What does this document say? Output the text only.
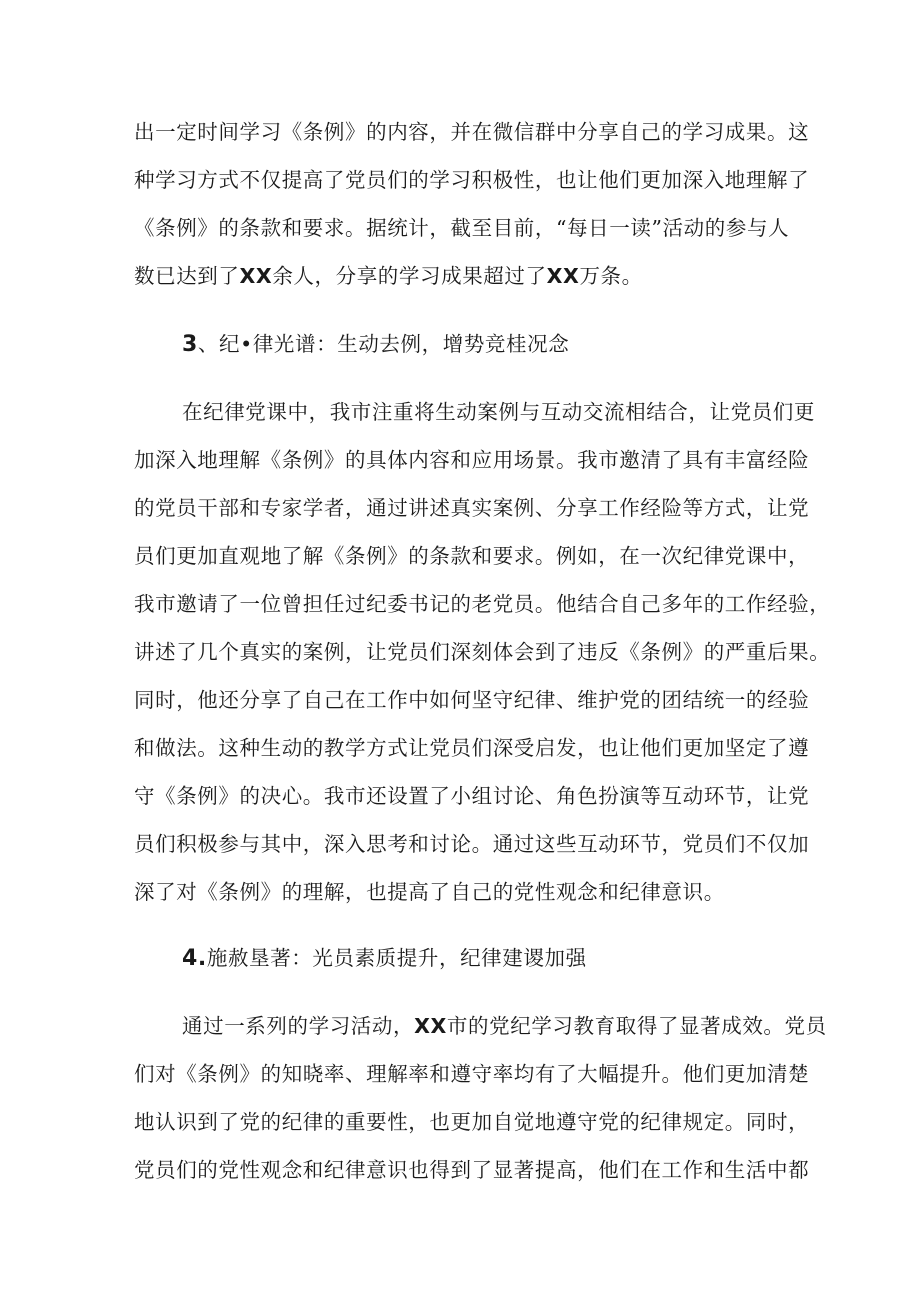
出一定时间学习《条例》的内容，并在微信群中分享自己的学习成果。这
种学习方式不仅提高了党员们的学习积极性，也让他们更加深入地理解了
《条例》的条款和要求。据统计，截至目前，“每日一读”活动的参与人
数已达到了XX余人，分享的学习成果超过了XX万条。
3、纪•律光谱：生动去例，增势竞桂况念
在纪律党课中，我市注重将生动案例与互动交流相结合，让党员们更
加深入地理解《条例》的具体内容和应用场景。我市邀清了具有丰富经险
的党员干部和专家学者，通过讲述真实案例、分享工作经险等方式，让党
员们更加直观地了解《条例》的条款和要求。例如，在一次纪律党课中，
我市邀请了一位曾担任过纪委书记的老党员。他结合自己多年的工作经验，
讲述了几个真实的案例，让党员们深刻体会到了违反《条例》的严重后果。
同时，他还分享了自己在工作中如何坚守纪律、维护党的团结统一的经验
和做法。这种生动的教学方式让党员们深受启发，也让他们更加坚定了遵
守《条例》的决心。我市还设置了小组讨论、角色扮演等互动环节，让党
员们积极参与其中，深入思考和讨论。通过这些互动环节，党员们不仅加
深了对《条例》的理解，也提高了自己的党性观念和纪律意识。
4.施赦垦著：光员素质提升，纪律建谡加强
通过一系列的学习活动，XX市的党纪学习教育取得了显著成效。党员
们对《条例》的知晓率、理解率和遵守率均有了大幅提升。他们更加清楚
地认识到了党的纪律的重要性，也更加自觉地遵守党的纪律规定。同时，
党员们的党性观念和纪律意识也得到了显著提高，他们在工作和生活中都
